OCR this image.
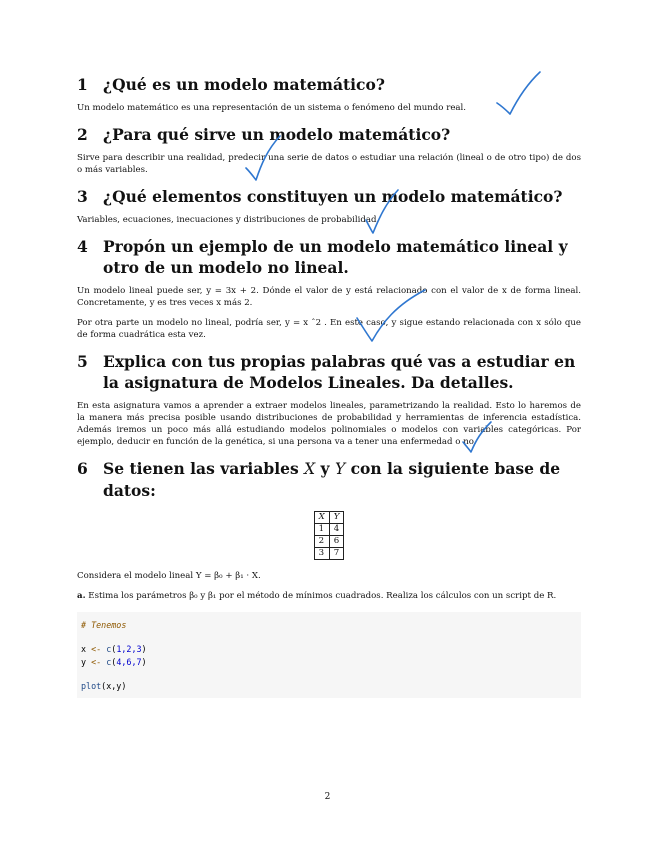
1 ¿Qué es un modelo matemático?

Un modelo matemático es una representación de un sistema o fenómeno del mundo real.

2 ¿Para qué sirve un modelo matemático?

Sirve para describir una realidad, predecir una serie de datos o estudiar una relación (lineal o de otro tipo) de dos o más variables.

3 ¿Qué elementos constituyen un modelo matemático?

Variables, ecuaciones, inecuaciones y distribuciones de probabilidad.

4 Propón un ejemplo de un modelo matemático lineal y otro de un modelo no lineal.

Un modelo lineal puede ser, y = 3x + 2. Dónde el valor de y está relacionado con el valor de x de forma lineal. Concretamente, y es tres veces x más 2.

Por otra parte un modelo no lineal, podría ser, y = x ˆ2 . En este caso, y sigue estando relacionada con x sólo que de forma cuadrática esta vez.

5 Explica con tus propias palabras qué vas a estudiar en la asignatura de Modelos Lineales. Da detalles.

En esta asignatura vamos a aprender a extraer modelos lineales, parametrizando la realidad. Esto lo haremos de la manera más precisa posible usando distribuciones de probabilidad y herramientas de inferencia estadística. Además iremos un poco más allá estudiando modelos polinomiales o modelos con variables categóricas. Por ejemplo, deducir en función de la genética, si una persona va a tener una enfermedad o no.

6 Se tienen las variables X y Y con la siguiente base de datos:
X	Y
1	4
2	6
3	7

Considera el modelo lineal Y = β₀ + β₁ · X.

a. Estima los parámetros β₀ y β₁ por el método de mínimos cuadrados. Realiza los cálculos con un script de R.

# Tenemos
x <- c(1,2,3)
y <- c(4,6,7)
plot(x,y)
2
